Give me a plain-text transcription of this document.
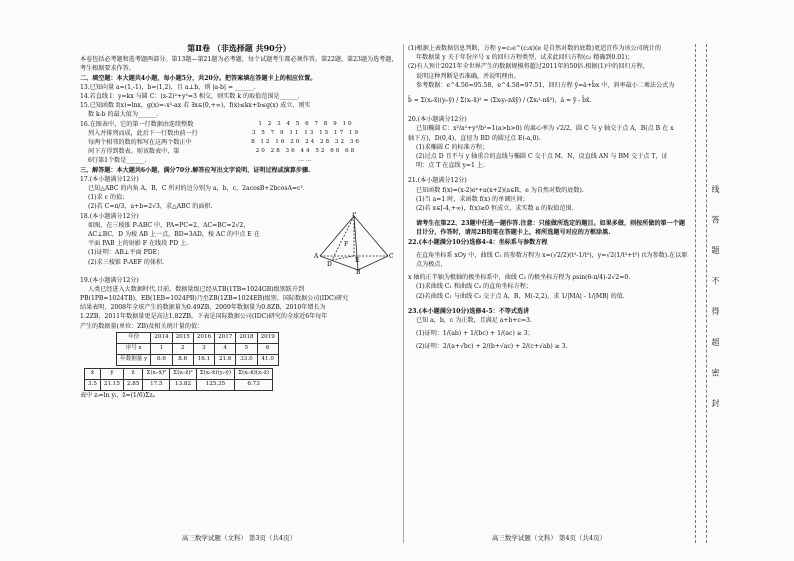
线 答 题 不 得 超 密 封
第Ⅱ卷 （非选择题 共90分）

本卷包括必考题和选考题两部分。第13题—第21题为必考题，每个试题考生都必须作答。第22题、第23题为选考题，考生根据要求作答。

二、填空题：本大题共4小题，每小题5分，共20分。把答案填在答题卡上的相应位置。

13.已知向量 a=(1,-1)，b=(1,2)，且 a⊥b，则 |a-b| = ______.

14.若直线 l：y=kx 与圆 C：(x-2)²+y²=3 相交，则实数 k 的取值范围是______.

15.已知函数 f(x)=lnx，g(x)=-x²-ax 若 ∃x∈(0,+∞)，f(x)≤kx+b≤g(x) 成立，则实

数 k-b 的最大值为______.

16.在图表中，它的第一行数据由连续整数

列入并排列而成，此后下一行数由前一行

每两个相邻的数的和写在这两个数正中

间下方得到数表。则该数表中，第

6行第1个数是______.

1 2 3 4 5 6 7 8 9 10

3 5 7 9 11 13 15 17 19

8 12 16 20 24 28 32 36

20 28 36 44 52 60 68

……

三、解答题：本大题共6小题，满分70分.解答应写出文字说明、证明过程或演算步骤.

17.(本小题满分12分)

已知△ABC 的内角 A，B，C 所对的边分别为 a，b，c，2acosB+2bcosA=c².

(1)求 c 的值；

(2)若 C=π/3，a+b=2√3，求△ABC 的面积.

18.(本小题满分12分)

如图，在三棱锥 P-ABC 中，PA=PC=2，AC=BC=2√2，

AC⊥BC，D 为棱 AB 上一点，BD=3AD，棱 AC 的中点 E 在

平面 PAB 上的射影 F 在线段 PD 上.

(1)证明：AB⊥平面 PDE；

(2)求三棱锥 P-AEF 的体积.

P
A
B
C
D
E
F

19.(本小题满分12分)

人类已经进入大数据时代.目前，数据量级已经从TB(1TB=1024GB)级别跃升到

PB(1PB=1024TB)，EB(1EB=1024PB)乃至ZB(1ZB=1024EB)级别。国际数据公司(IDC)研究

结果表明，2008年全球产生的数据量为0.49ZB，2009年数据量为0.8ZB，2010年增长为

1.2ZB，2011年数据量更是高达1.82ZB。下表是国际数据公司(IDC)研究的全球近6年每年

产生的数据量(单位：ZB)及相关统计量的值：

年份	2014	2015	2016	2017	2018	2019
序号 x	1	2	3	4	5	6
年数据量 y	6.6	8.6	16.1	21.6	33.0	41.0
x̄	ȳ	z̄	Σ(xᵢ-x̄)²	Σ(zᵢ-z̄)²	Σ(xᵢ-x̄)(yᵢ-ȳ)	Σ(xᵢ-x̄)(zᵢ-z̄)
3.5	21.15	2.85	17.5	13.82	125.35	6.73

表中 zᵢ=ln yᵢ，z̄=(1/6)Σzᵢ.

高三数学试题（文科） 第3页（共4页）

(1)根据上表数据信息判断，方程 y=c₁e^(c₂x)(e 是自然对数的底数)更适宜作为该公司统计的

年数据量 y 关于年份序号 x 的回归方程类型，试求此回归方程(c₂ 精确到0.01)；

(2)有人预计2021年全世界产生的数据规模将超过2011年的50倍.根据(1)中的回归方程，

说明这种判断是否准确，并说明理由。

参考数据：e^4.56≈95.58，e^4.58≈97.51，回归方程 ŷ=â+b̂x 中，斜率最小二乘法公式为

b̂ = Σ(xᵢ-x̄)(yᵢ-ȳ) / Σ(xᵢ-x̄)² = (Σxᵢyᵢ-nx̄ȳ) / (Σxᵢ²-nx̄²)，â = ȳ - b̂x̄.

20.(本小题满分12分)

已知椭圆 C：x²/a²+y²/b²=1(a>b>0) 的离心率为 √2/2，圆 C 与 y 轴交于点 A，B(点 B 在 x

轴下方)，D(0,4)，直径为 BD 的圆过点 E(-a,0).

(1)求椭圆 C 的标准方程；

(2)过点 D 且不与 y 轴重合的直线与椭圆 C 交于点 M，N，设直线 AN 与 BM 交于点 T，证

明：点 T 在直线 y=1 上.

21.(本小题满分12分)

已知函数 f(x)=(x-2)eˣ+a(x+2)(a∈R，e 为自然对数的底数).

(1)当 a=1 时，求函数 f(x) 的单调区间；

(2)若 x∈[-4,+∞)，f(x)≥0 恒成立，求实数 a 的取值范围.

请考生在第22、23题中任选一题作答.注意：只能做所选定的题目。如果多做，则按所做的第一个题目计分，作答时，请用2B铅笔在答题卡上，将所选题号对应的方框涂黑.

22.(本小题满分10分)选修4-4：坐标系与参数方程

在直角坐标系 xOy 中，曲线 C₁ 的参数方程为 x=(√2/2)(t²-1/t²)，y=√2(1/t²+t²) (t为参数).在以原点为极点，

x 轴的正半轴为极轴的极坐标系中，曲线 C₂ 的极坐标方程为 ρsin(θ-π/4)-2√2=0.

(1)求曲线 C₁ 和曲线 C₂ 的直角坐标方程；

(2)若曲线 C₁ 与曲线 C₂ 交于点 A，B，M(-2,2)，求 1/|MA| - 1/|MB| 的值.

23.(本小题满分10分)选修4-5：不等式选讲

已知 a，b，c 为正数，且满足 a+b+c=3.

(1)证明：1/(ab) + 1/(bc) + 1/(ac) ≥ 3；

(2)证明：2/(a+√bc) + 2/(b+√ac) + 2/(c+√ab) ≥ 3.

高三数学试题（文科） 第4页（共4页）
